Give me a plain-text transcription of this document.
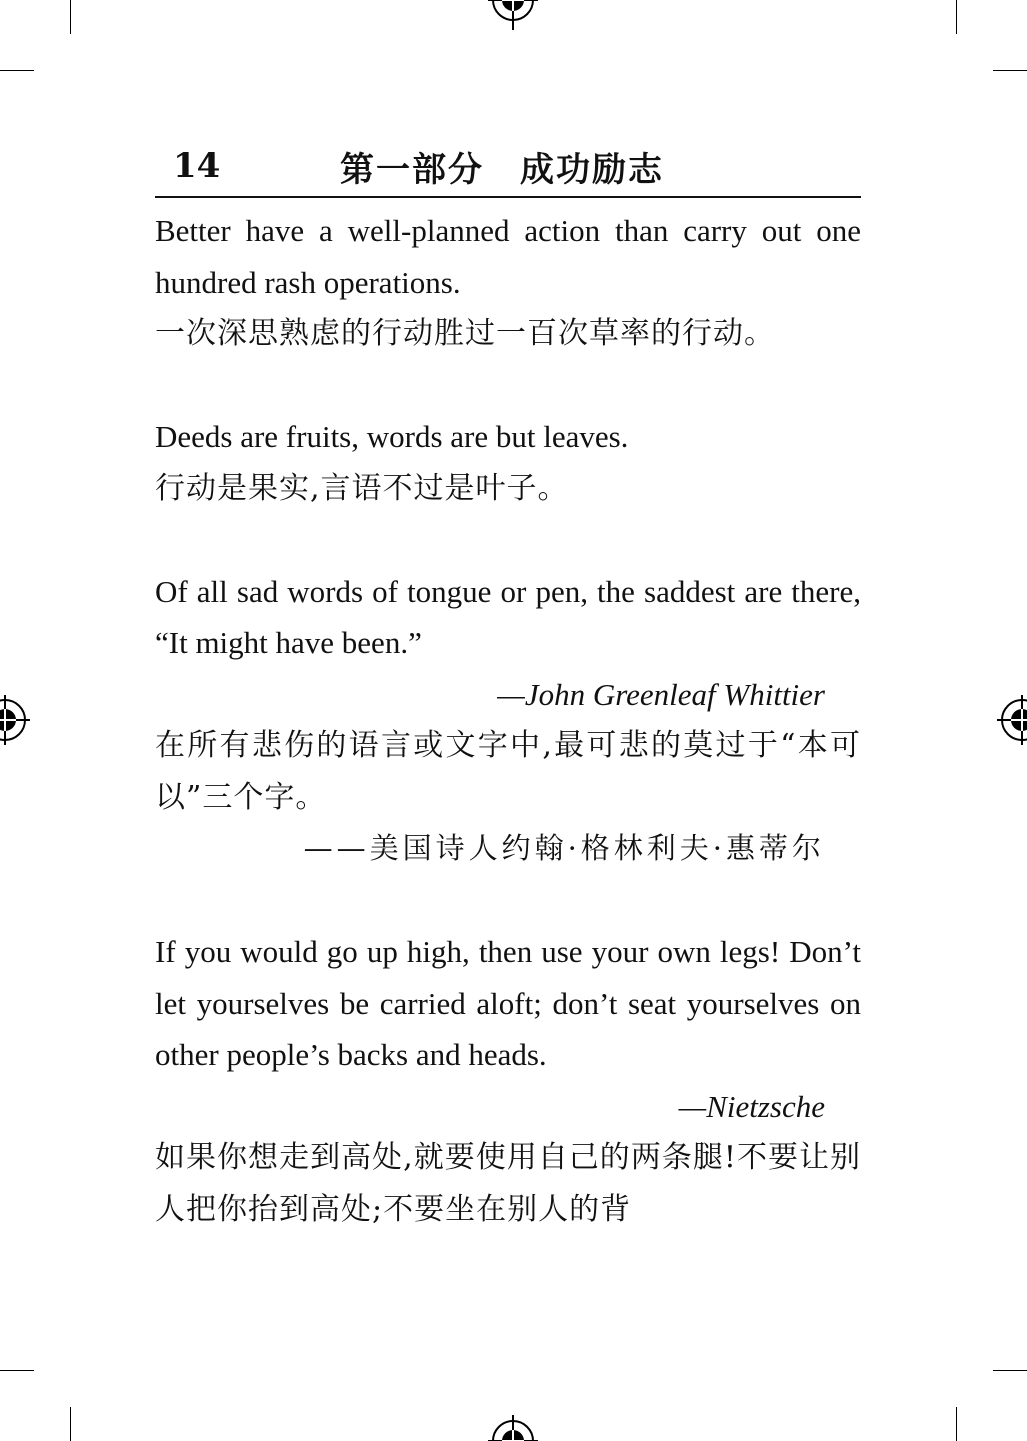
14	第一部分　成功励志

Better have a well-planned action than carry out one hundred rash operations.

一次深思熟虑的行动胜过一百次草率的行动。

Deeds are fruits, words are but leaves.

行动是果实,言语不过是叶子。

Of all sad words of tongue or pen, the saddest are there, “It might have been.”

—John Greenleaf Whittier

在所有悲伤的语言或文字中,最可悲的莫过于“本可以”三个字。

——美国诗人约翰·格林利夫·惠蒂尔

If you would go up high, then use your own legs! Don’t let yourselves be carried aloft; don’t seat yourselves on other people’s backs and heads.

—Nietzsche

如果你想走到高处,就要使用自己的两条腿!不要让别人把你抬到高处;不要坐在别人的背
